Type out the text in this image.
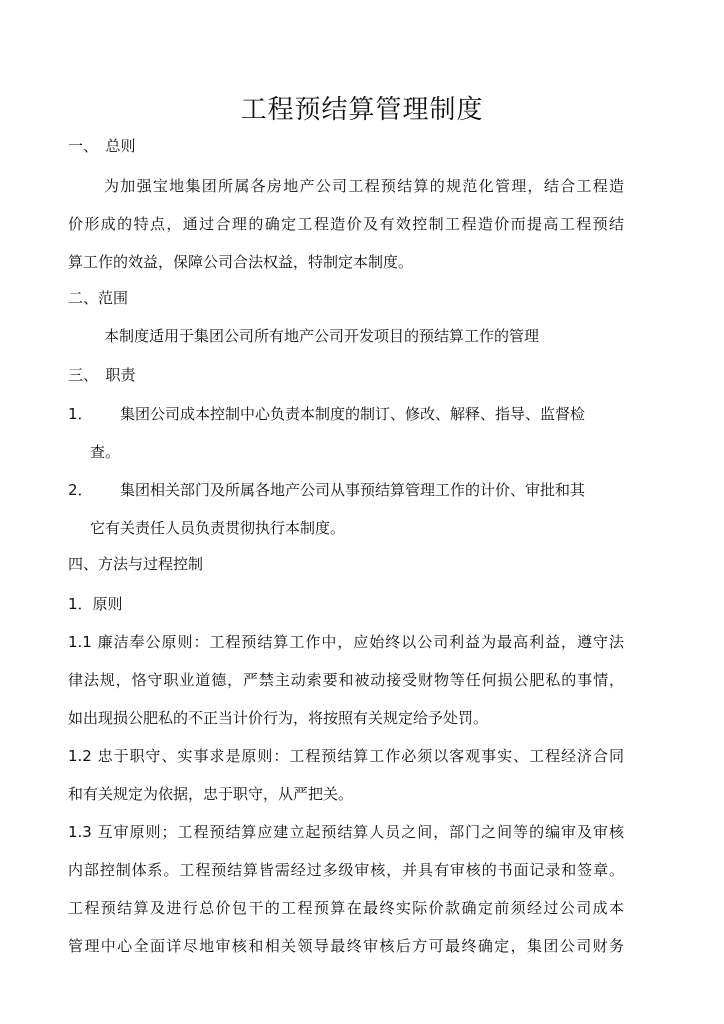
工程预结算管理制度
一、　总则
为加强宝地集团所属各房地产公司工程预结算的规范化管理，结合工程造
价形成的特点，通过合理的确定工程造价及有效控制工程造价而提高工程预结
算工作的效益，保障公司合法权益，特制定本制度。
二、范围
本制度适用于集团公司所有地产公司开发项目的预结算工作的管理
三、　职责
1． 集团公司成本控制中心负责本制度的制订、修改、解释、指导、监督检
查。
2． 集团相关部门及所属各地产公司从事预结算管理工作的计价、审批和其
它有关责任人员负责贯彻执行本制度。
四、方法与过程控制
1．原则
1.1 廉洁奉公原则：工程预结算工作中，应始终以公司利益为最高利益，遵守法
律法规，恪守职业道德，严禁主动索要和被动接受财物等任何损公肥私的事情，
如出现损公肥私的不正当计价行为，将按照有关规定给予处罚。
1.2 忠于职守、实事求是原则：工程预结算工作必须以客观事实、工程经济合同
和有关规定为依据，忠于职守，从严把关。
1.3 互审原则；工程预结算应建立起预结算人员之间，部门之间等的编审及审核
内部控制体系。工程预结算皆需经过多级审核，并具有审核的书面记录和签章。
工程预结算及进行总价包干的工程预算在最终实际价款确定前须经过公司成本
管理中心全面详尽地审核和相关领导最终审核后方可最终确定，集团公司财务
